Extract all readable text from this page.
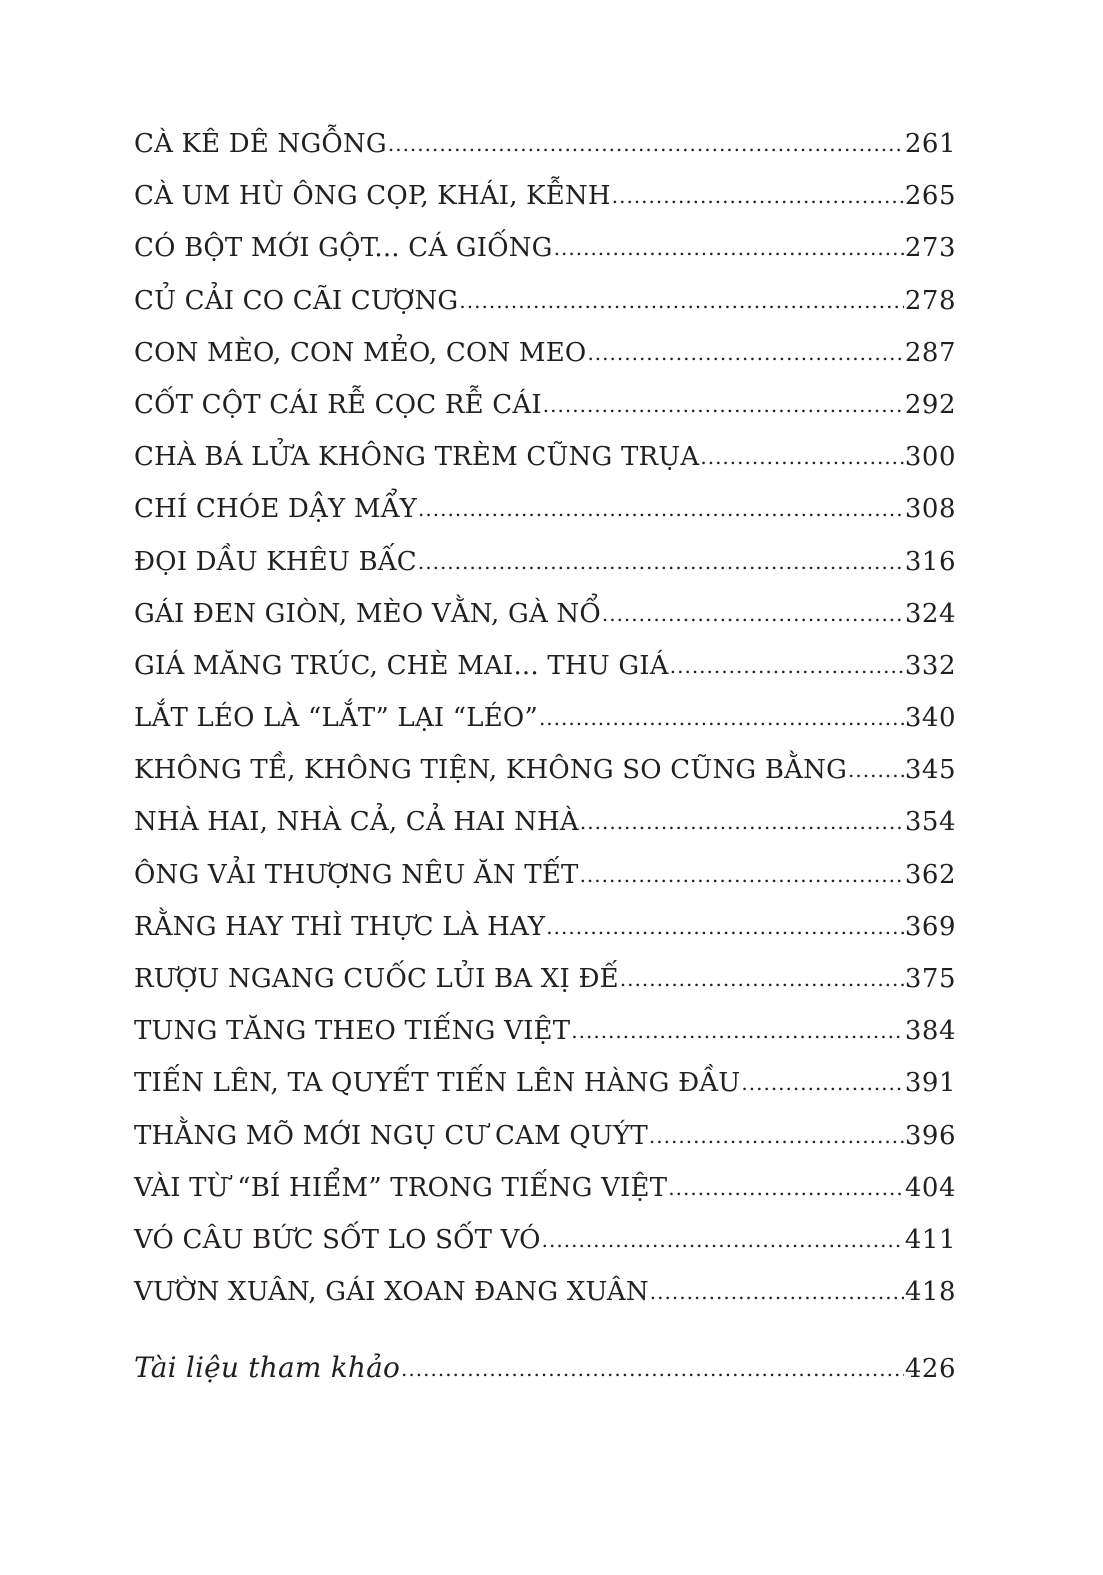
CÀ KÊ DÊ NGỖNG .....	261
CÀ UM HÙ ÔNG CỌP, KHÁI, KỄNH .....	265
CÓ BỘT MỚI GỘT... CÁ GIỐNG .....	273
CỦ CẢI CO CÃI CƯỢNG .....	278
CON MÈO, CON MẺO, CON MEO .....	287
CỐT CỘT CÁI RỄ CỌC RỄ CÁI .....	292
CHÀ BÁ LỬA KHÔNG TRÈM CŨNG TRỤA .....	300
CHÍ CHÓE DẬY MẨY .....	308
ĐỌI DẦU KHÊU BẤC .....	316
GÁI ĐEN GIÒN, MÈO VẰN, GÀ NỔ .....	324
GIÁ MĂNG TRÚC, CHÈ MAI... THU GIÁ .....	332
LẮT LÉO LÀ “LẮT” LẠI “LÉO” .....	340
KHÔNG TỀ, KHÔNG TIỆN, KHÔNG SO CŨNG BẰNG ..... 345
NHÀ HAI, NHÀ CẢ, CẢ HAI NHÀ .....	354
ÔNG VẢI THƯỢNG NÊU ĂN TẾT .....	362
RẰNG HAY THÌ THỰC LÀ HAY .....	369
RƯỢU NGANG CUỐC LỦI BA XỊ ĐẾ .....	375
TUNG TĂNG THEO TIẾNG VIỆT .....	384
TIẾN LÊN, TA QUYẾT TIẾN LÊN HÀNG ĐẦU .....	391
THẰNG MÕ MỚI NGỤ CƯ CAM QUÝT .....	396
VÀI TỪ “BÍ HIỂM” TRONG TIẾNG VIỆT .....	404
VÓ CÂU BỨC SỐT LO SỐT VÓ .....	411
VƯỜN XUÂN, GÁI XOAN ĐANG XUÂN .....	418
Tài liệu tham khảo .....	426
